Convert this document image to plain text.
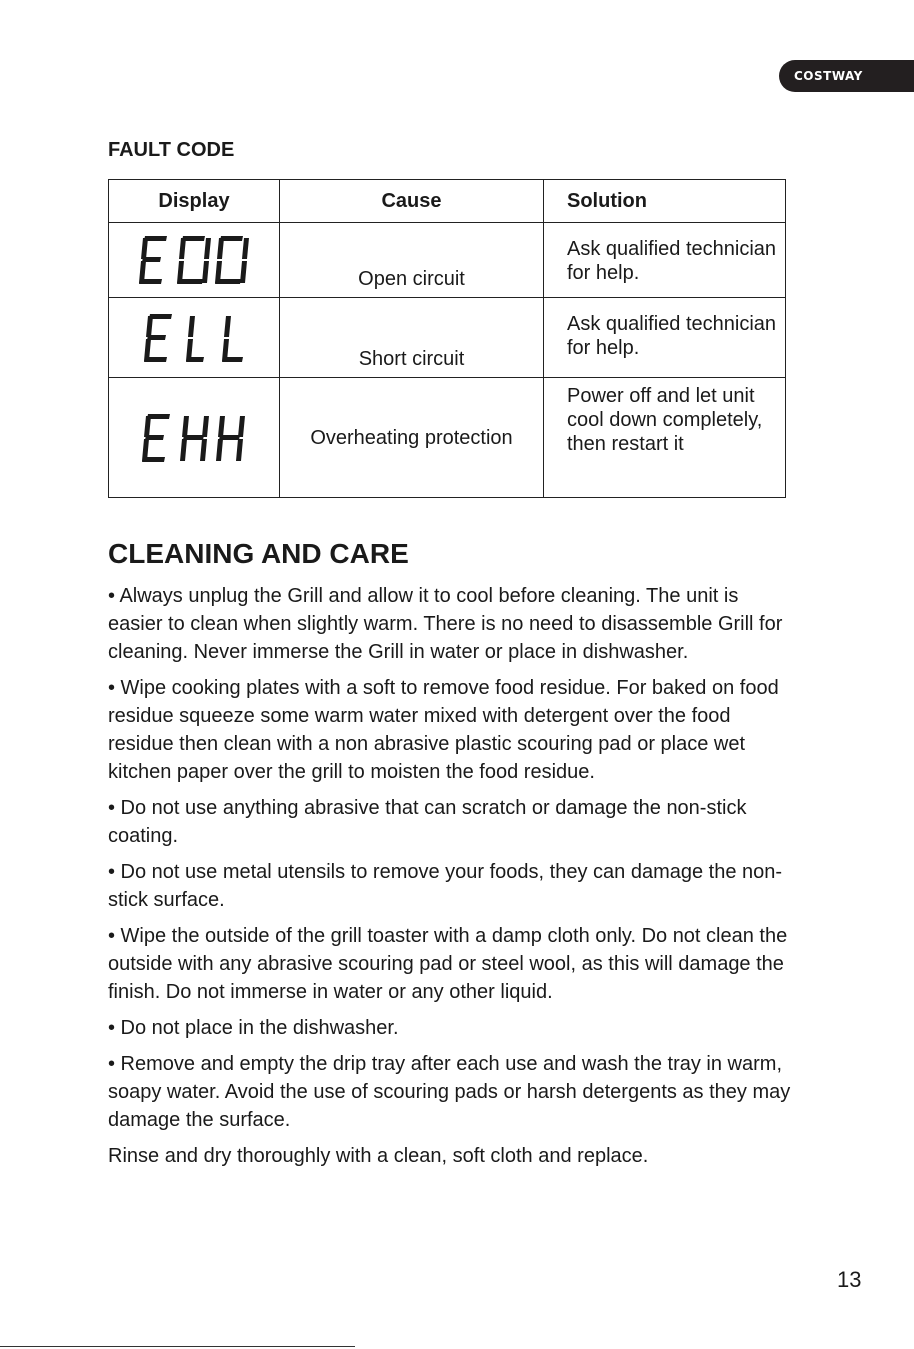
COSTWAY
FAULT CODE
Display	Cause	Solution
	Open circuit	Ask qualified technician for help.
	Short circuit	Ask qualified technician for help.
	Overheating protection	Power off and let unit cool down completely, then restart it
CLEANING AND CARE

• Always unplug the Grill and allow it to cool before cleaning. The unit is easier to clean when slightly warm. There is no need to disassemble Grill for cleaning. Never immerse the Grill in water or place in dishwasher.

• Wipe cooking plates with a soft to remove food residue. For baked on food residue squeeze some warm water mixed with detergent over the food residue then clean with a non abrasive plastic scouring pad or place wet kitchen paper over the grill to moisten the food residue.

• Do not use anything abrasive that can scratch or damage the non-stick coating.

• Do not use metal utensils to remove your foods, they can damage the non-stick surface.

• Wipe the outside of the grill toaster with a damp cloth only. Do not clean the outside with any abrasive scouring pad or steel wool, as this will damage the finish. Do not immerse in water or any other liquid.

• Do not place in the dishwasher.

• Remove and empty the drip tray after each use and wash the tray in warm, soapy water. Avoid the use of scouring pads or harsh detergents as they may damage the surface.

Rinse and dry thoroughly with a clean, soft cloth and replace.

13
